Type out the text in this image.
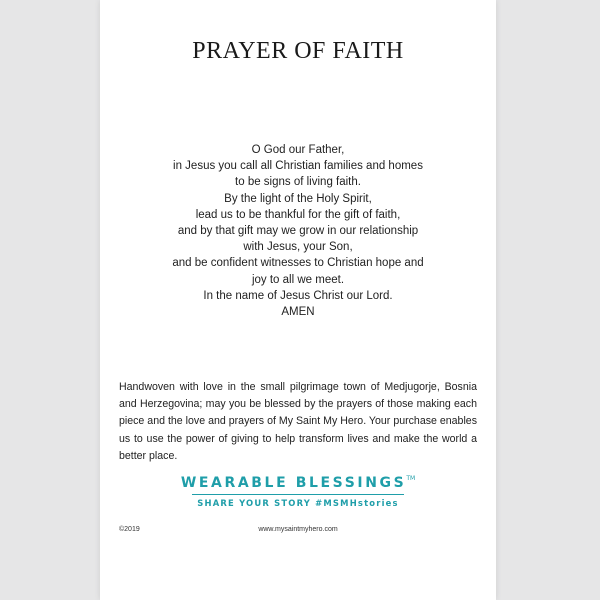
PRAYER OF FAITH
O God our Father,
in Jesus you call all Christian families and homes
to be signs of living faith.
By the light of the Holy Spirit,
lead us to be thankful for the gift of faith,
and by that gift may we grow in our relationship
with Jesus, your Son,
and be confident witnesses to Christian hope and
joy to all we meet.
In the name of Jesus Christ our Lord.
AMEN

Handwoven with love in the small pilgrimage town of Medjugorje, Bosnia and Herzegovina; may you be blessed by the prayers of those making each piece and the love and prayers of My Saint My Hero. Your purchase enables us to use the power of giving to help transform lives and make the world a better place.

WEARABLE BLESSINGS™
SHARE YOUR STORY #MSMHstories
©2019	www.mysaintmyhero.com
